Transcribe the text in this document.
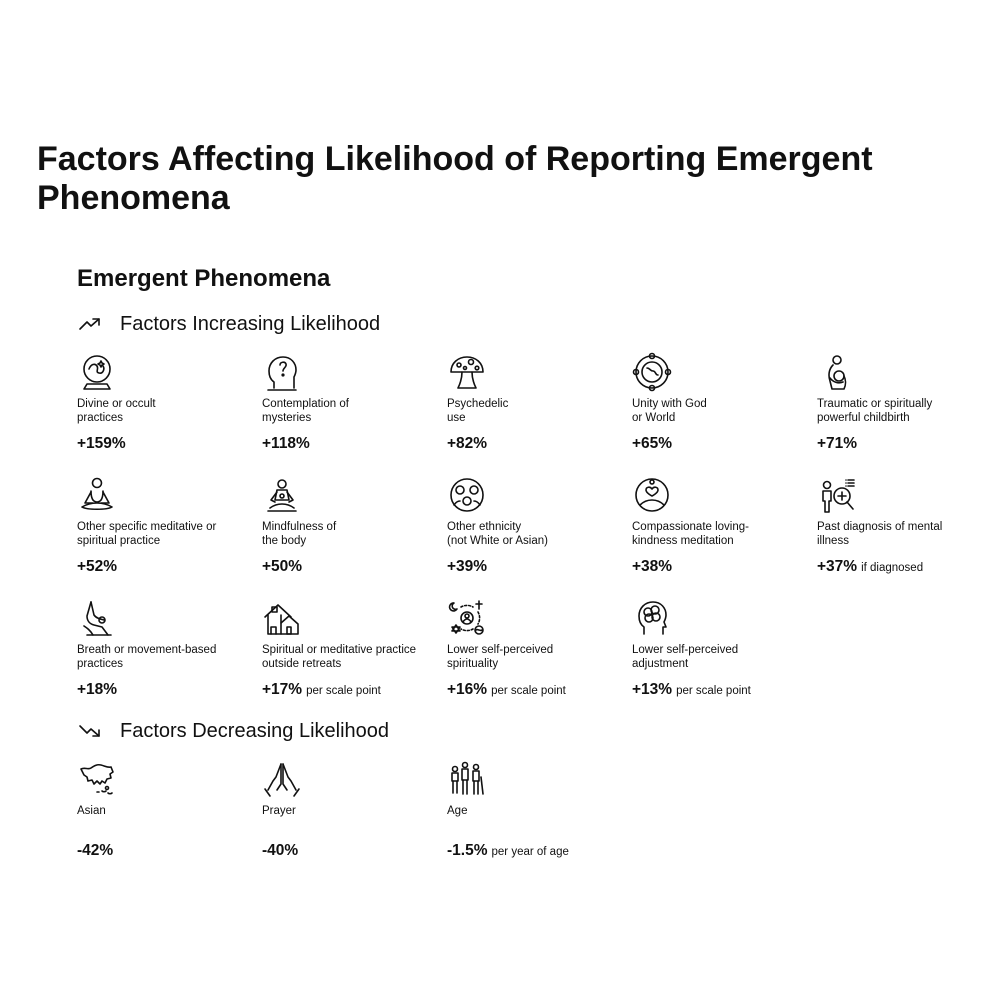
Factors Affecting Likelihood of Reporting Emergent Phenomena
Emergent Phenomena
Factors Increasing Likelihood
Divine or occult
practices
+159%
Contemplation of
mysteries
+118%
Psychedelic
use
+82%
Unity with God
or World
+65%
Traumatic or spiritually
powerful childbirth
+71%
Other specific meditative or
spiritual practice
+52%
Mindfulness of
the body
+50%
Other ethnicity
(not White or Asian)
+39%
Compassionate loving-
kindness meditation
+38%
Past diagnosis of mental
illness
+37% if diagnosed
Breath or movement-based
practices
+18%
Spiritual or meditative practice
outside retreats
+17% per scale point
Lower self-perceived
spirituality
+16% per scale point
Lower self-perceived
adjustment
+13% per scale point
Factors Decreasing Likelihood
Asian
-42%
Prayer
-40%
Age
-1.5% per year of age
